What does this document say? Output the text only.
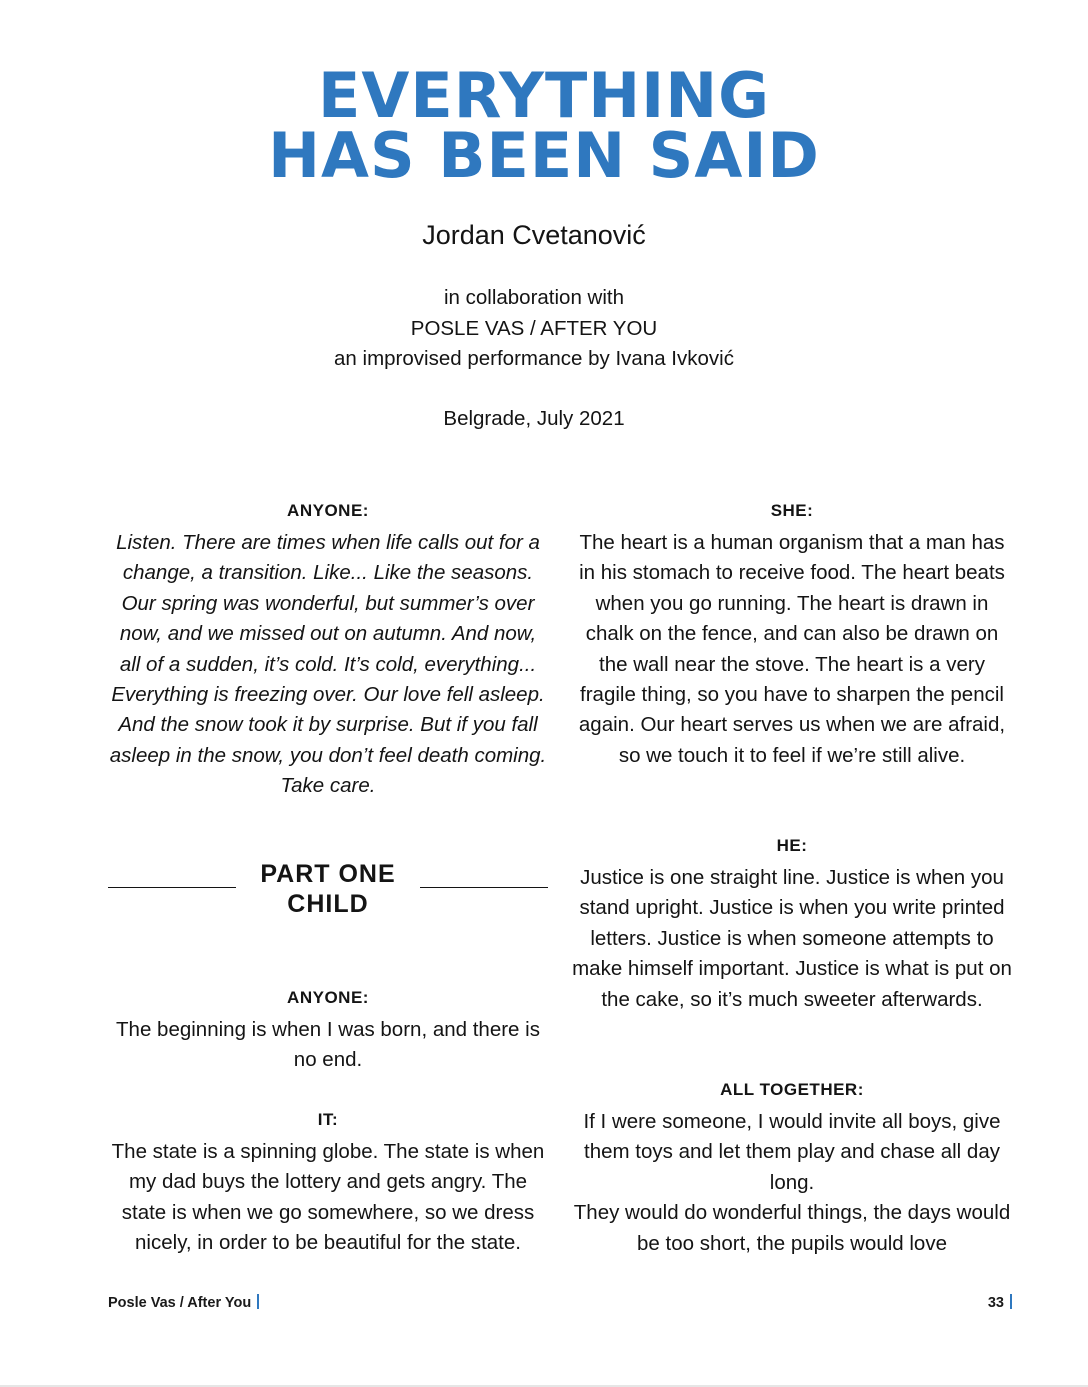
EVERYTHING
HAS BEEN SAID
Jordan Cvetanović
in collaboration with
POSLE VAS / AFTER YOU
an improvised performance by Ivana Ivković
Belgrade, July 2021
ANYONE:
Listen. There are times when life calls out for a change, a transition. Like... Like the seasons. Our spring was wonderful, but summer’s over now, and we missed out on autumn. And now, all of a sudden, it’s cold. It’s cold, everything... Everything is freezing over. Our love fell asleep. And the snow took it by surprise. But if you fall asleep in the snow, you don’t feel death coming. Take care.
PART ONE
CHILD
ANYONE:
The beginning is when I was born, and there is no end.
IT:
The state is a spinning globe. The state is when my dad buys the lottery and gets angry. The state is when we go somewhere, so we dress nicely, in order to be beautiful for the state.
SHE:
The heart is a human organism that a man has in his stomach to receive food. The heart beats when you go running. The heart is drawn in chalk on the fence, and can also be drawn on the wall near the stove. The heart is a very fragile thing, so you have to sharpen the pencil again. Our heart serves us when we are afraid, so we touch it to feel if we’re still alive.
HE:
Justice is one straight line. Justice is when you stand upright. Justice is when you write printed letters. Justice is when someone attempts to make himself important. Justice is what is put on the cake, so it’s much sweeter afterwards.
ALL TOGETHER:
If I were someone, I would invite all boys, give them toys and let them play and chase all day long.
They would do wonderful things, the days would be too short, the pupils would love
Posle Vas / After You	33
